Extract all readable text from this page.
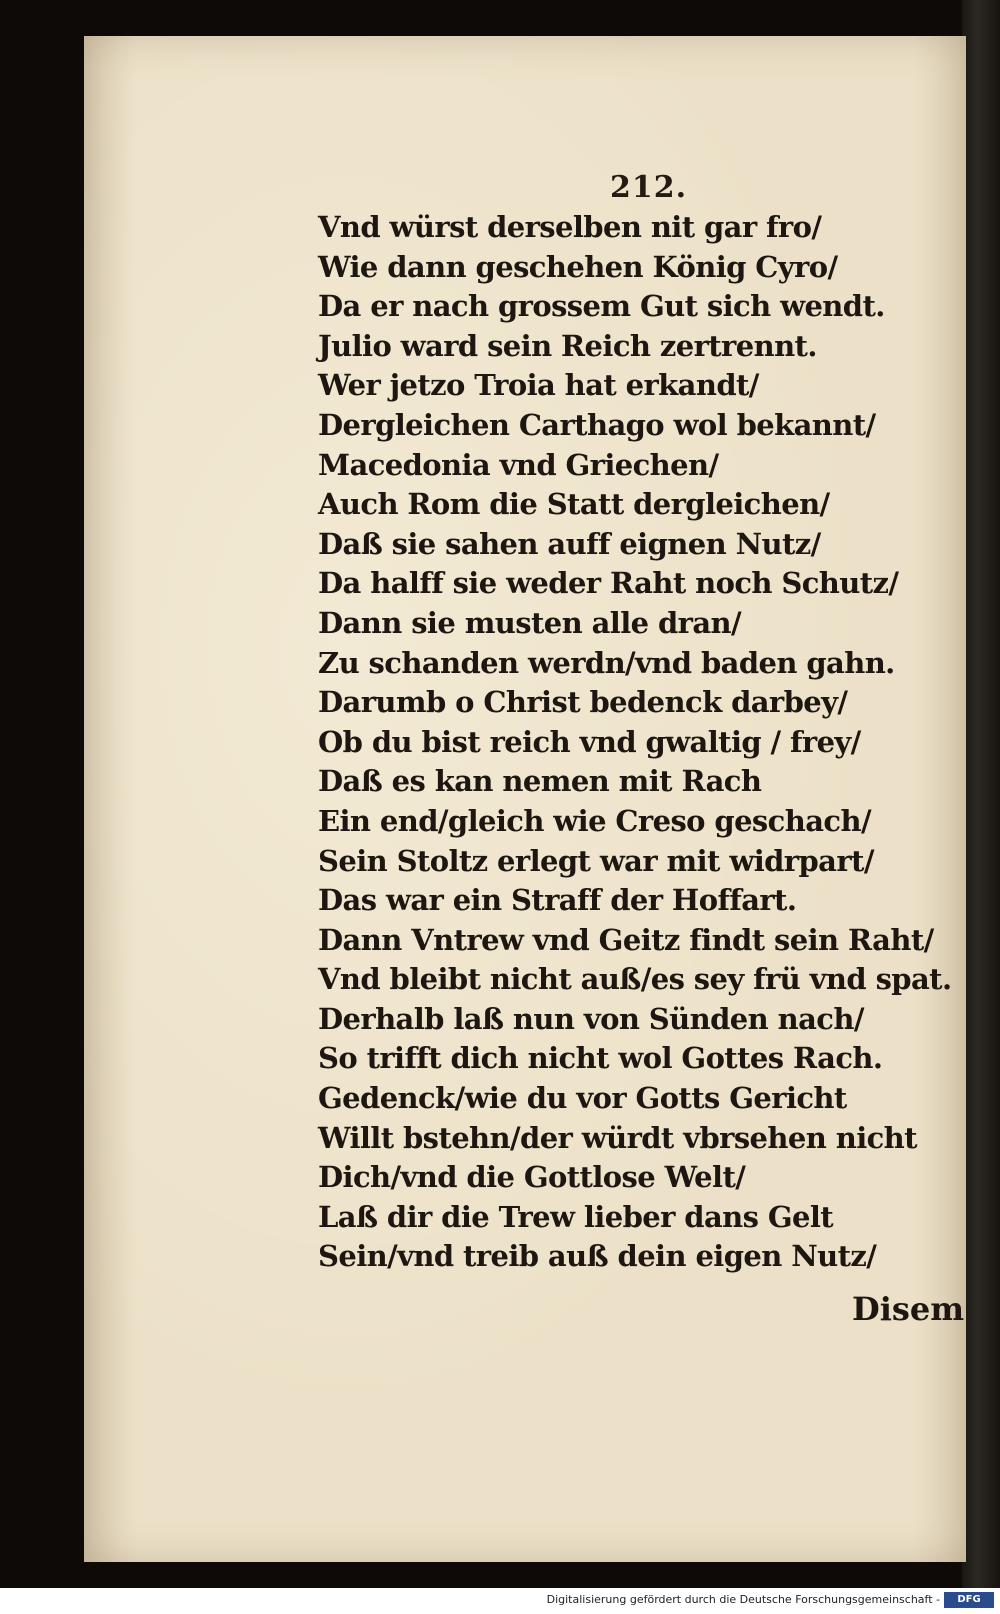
212.
Vnd würst derselben nit gar fro/
Wie dann geschehen König Cyro/
Da er nach grossem Gut sich wendt.
Julio ward sein Reich zertrennt.
Wer jetzo Troia hat erkandt/
Dergleichen Carthago wol bekannt/
Macedonia vnd Griechen/
Auch Rom die Statt dergleichen/
Daß sie sahen auff eignen Nutz/
Da halff sie weder Raht noch Schutz/
Dann sie musten alle dran/
Zu schanden werdn/vnd baden gahn.
Darumb o Christ bedenck darbey/
Ob du bist reich vnd gwaltig / frey/
Daß es kan nemen mit Rach
Ein end/gleich wie Creso geschach/
Sein Stoltz erlegt war mit widrpart/
Das war ein Straff der Hoffart.
Dann Vntrew vnd Geitz findt sein Raht/
Vnd bleibt nicht auß/es sey frü vnd spat.
Derhalb laß nun von Sünden nach/
So trifft dich nicht wol Gottes Rach.
Gedenck/wie du vor Gotts Gericht
Willt bstehn/der würdt vbrsehen nicht
Dich/vnd die Gottlose Welt/
Laß dir die Trew lieber dans Gelt
Sein/vnd treib auß dein eigen Nutz/
Disem
Digitalisierung gefördert durch die Deutsche Forschungsgemeinschaft -	DFG
